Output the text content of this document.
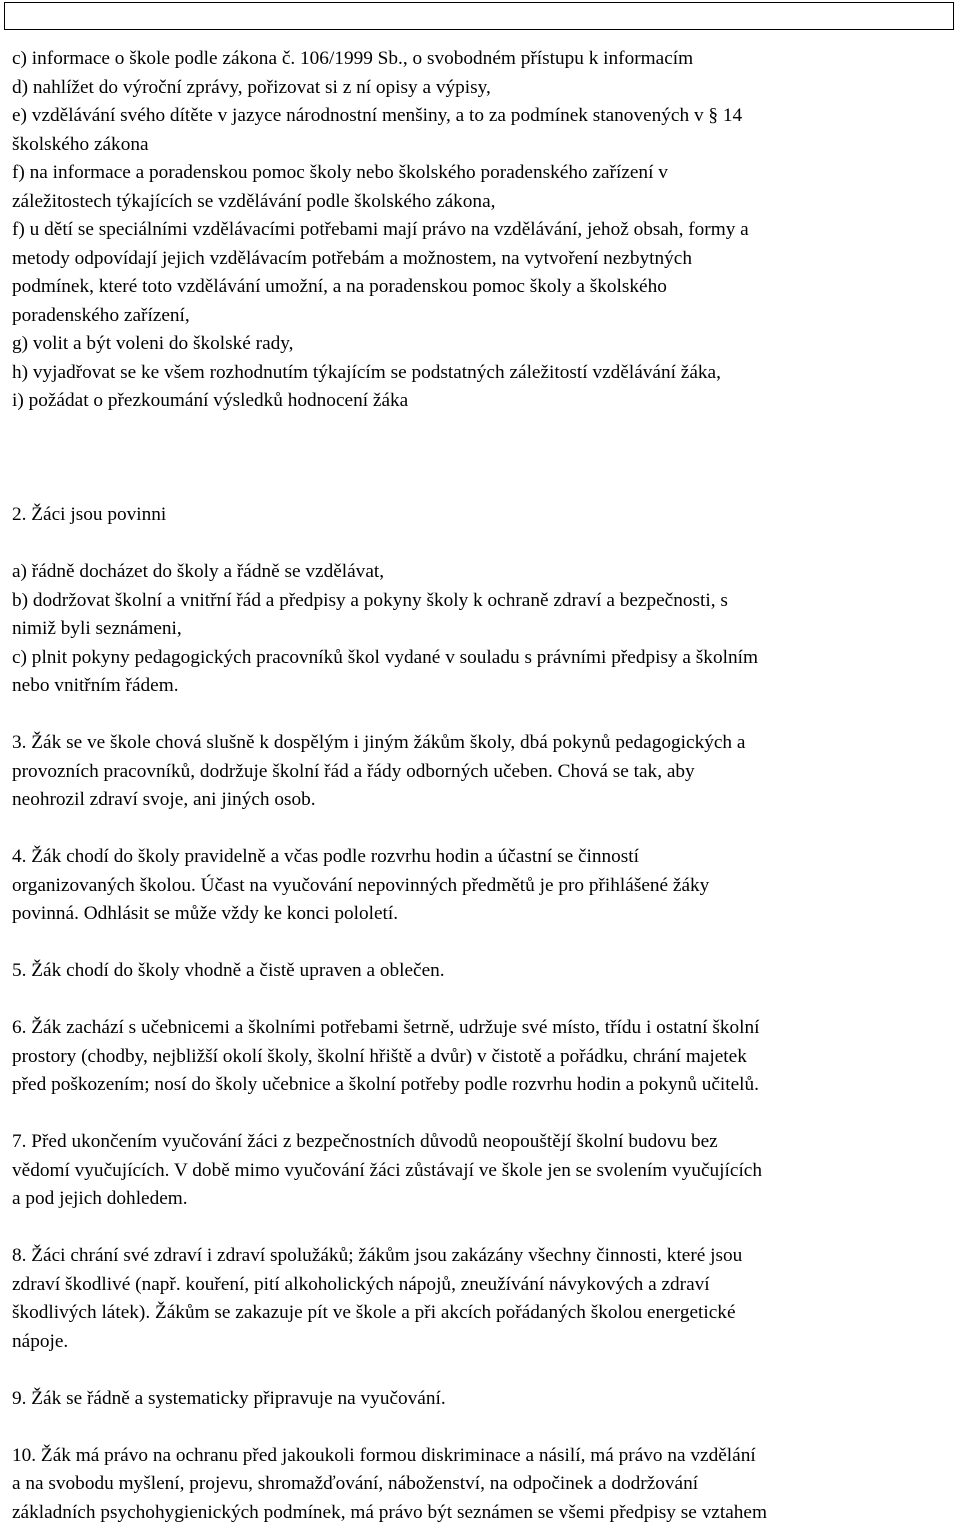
c) informace o škole podle zákona č. 106/1999 Sb., o svobodném přístupu k informacím
d) nahlížet do výroční zprávy, pořizovat si z ní opisy a výpisy,
e) vzdělávání svého dítěte v jazyce národnostní menšiny, a to za podmínek stanovených v § 14
školského zákona
f) na informace a poradenskou pomoc školy nebo školského poradenského zařízení v
záležitostech týkajících se vzdělávání podle školského zákona,
f) u dětí se speciálními vzdělávacími potřebami mají právo na vzdělávání, jehož obsah, formy a
metody odpovídají jejich vzdělávacím potřebám a možnostem, na vytvoření nezbytných
podmínek, které toto vzdělávání umožní, a na poradenskou pomoc školy a školského
poradenského zařízení,
g) volit a být voleni do školské rady,
h) vyjadřovat se ke všem rozhodnutím týkajícím se podstatných záležitostí vzdělávání žáka,
i) požádat o přezkoumání výsledků hodnocení žáka
2. Žáci jsou povinni
a) řádně docházet do školy a řádně se vzdělávat,
b) dodržovat školní a vnitřní řád a předpisy a pokyny školy k ochraně zdraví a bezpečnosti, s
nimiž byli seznámeni,
c) plnit pokyny pedagogických pracovníků škol vydané v souladu s právními předpisy a školním
nebo vnitřním řádem.
3. Žák se ve škole chová slušně k dospělým i jiným žákům školy, dbá pokynů pedagogických a
provozních pracovníků, dodržuje školní řád a řády odborných učeben. Chová se tak, aby
neohrozil zdraví svoje, ani jiných osob.
4. Žák chodí do školy pravidelně a včas podle rozvrhu hodin a účastní se činností
organizovaných školou. Účast na vyučování nepovinných předmětů je pro přihlášené žáky
povinná. Odhlásit se může vždy ke konci pololetí.
5. Žák chodí do školy vhodně a čistě upraven a oblečen.
6. Žák zachází s učebnicemi a školními potřebami šetrně, udržuje své místo, třídu i ostatní školní
prostory (chodby, nejbližší okolí školy, školní hřiště a dvůr) v čistotě a pořádku, chrání majetek
před poškozením; nosí do školy učebnice a školní potřeby podle rozvrhu hodin a pokynů učitelů.
7. Před ukončením vyučování žáci z bezpečnostních důvodů neopouštějí školní budovu bez
vědomí vyučujících. V době mimo vyučování žáci zůstávají ve škole jen se svolením vyučujících
a pod jejich dohledem.
8. Žáci chrání své zdraví i zdraví spolužáků; žákům jsou zakázány všechny činnosti, které jsou
zdraví škodlivé (např. kouření, pití alkoholických nápojů, zneužívání návykových a zdraví
škodlivých látek). Žákům se zakazuje pít ve škole a při akcích pořádaných školou energetické
nápoje.
9. Žák se řádně a systematicky připravuje na vyučování.
10. Žák má právo na ochranu před jakoukoli formou diskriminace a násilí, má právo na vzdělání
a na svobodu myšlení, projevu, shromažďování, náboženství, na odpočinek a dodržování
základních psychohygienických podmínek, má právo být seznámen se všemi předpisy se vztahem
